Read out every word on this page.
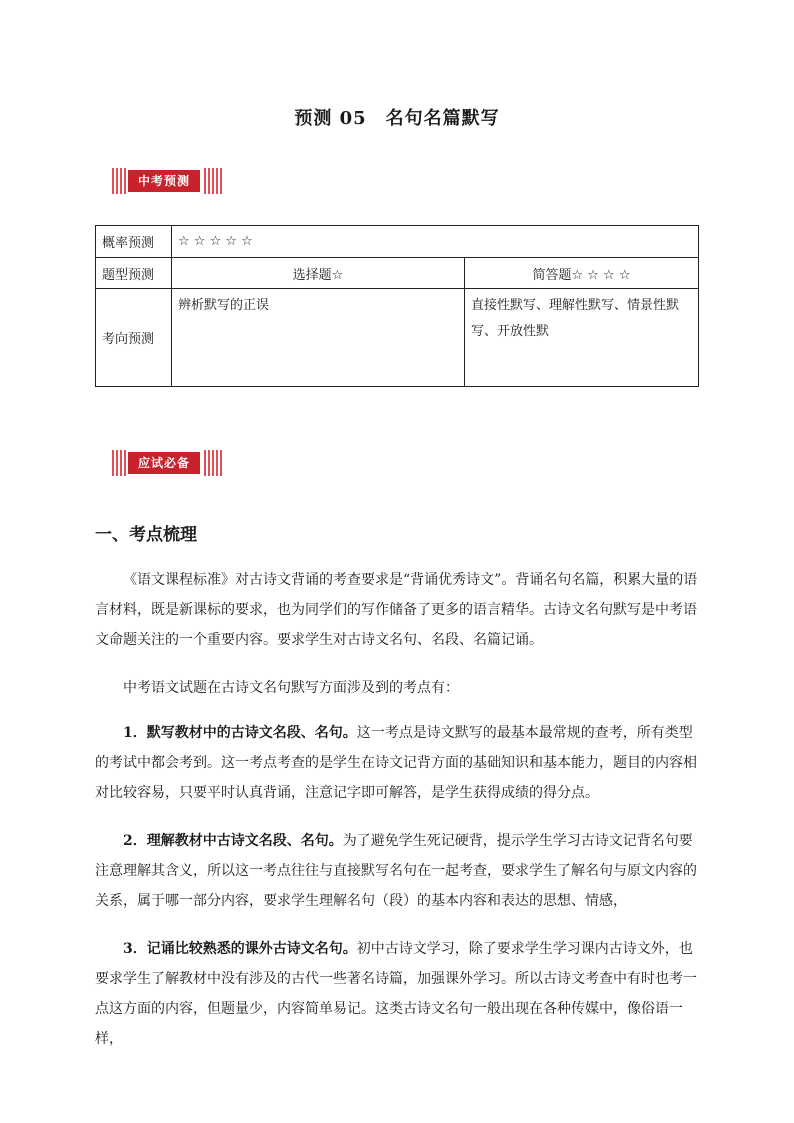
预测 05　名句名篇默写
中考预测
概率预测	☆ ☆ ☆ ☆ ☆	
题型预测	选择题☆	简答题☆ ☆ ☆ ☆
考向预测	辨析默写的正误	直接性默写、理解性默写、情景性默写、开放性默
应试必备
一、考点梳理

《语文课程标准》对古诗文背诵的考查要求是“背诵优秀诗文”。背诵名句名篇，积累大量的语言材料，既是新课标的要求，也为同学们的写作储备了更多的语言精华。古诗文名句默写是中考语文命题关注的一个重要内容。要求学生对古诗文名句、名段、名篇记诵。

中考语文试题在古诗文名句默写方面涉及到的考点有：

1．默写教材中的古诗文名段、名句。这一考点是诗文默写的最基本最常规的查考，所有类型的考试中都会考到。这一考点考查的是学生在诗文记背方面的基础知识和基本能力，题目的内容相对比较容易，只要平时认真背诵，注意记字即可解答，是学生获得成绩的得分点。

2．理解教材中古诗文名段、名句。为了避免学生死记硬背，提示学生学习古诗文记背名句要注意理解其含义，所以这一考点往往与直接默写名句在一起考查，要求学生了解名句与原文内容的关系，属于哪一部分内容，要求学生理解名句（段）的基本内容和表达的思想、情感，

3．记诵比较熟悉的课外古诗文名句。初中古诗文学习，除了要求学生学习课内古诗文外，也要求学生了解教材中没有涉及的古代一些著名诗篇，加强课外学习。所以古诗文考查中有时也考一点这方面的内容，但题量少，内容简单易记。这类古诗文名句一般出现在各种传媒中，像俗语一样，
